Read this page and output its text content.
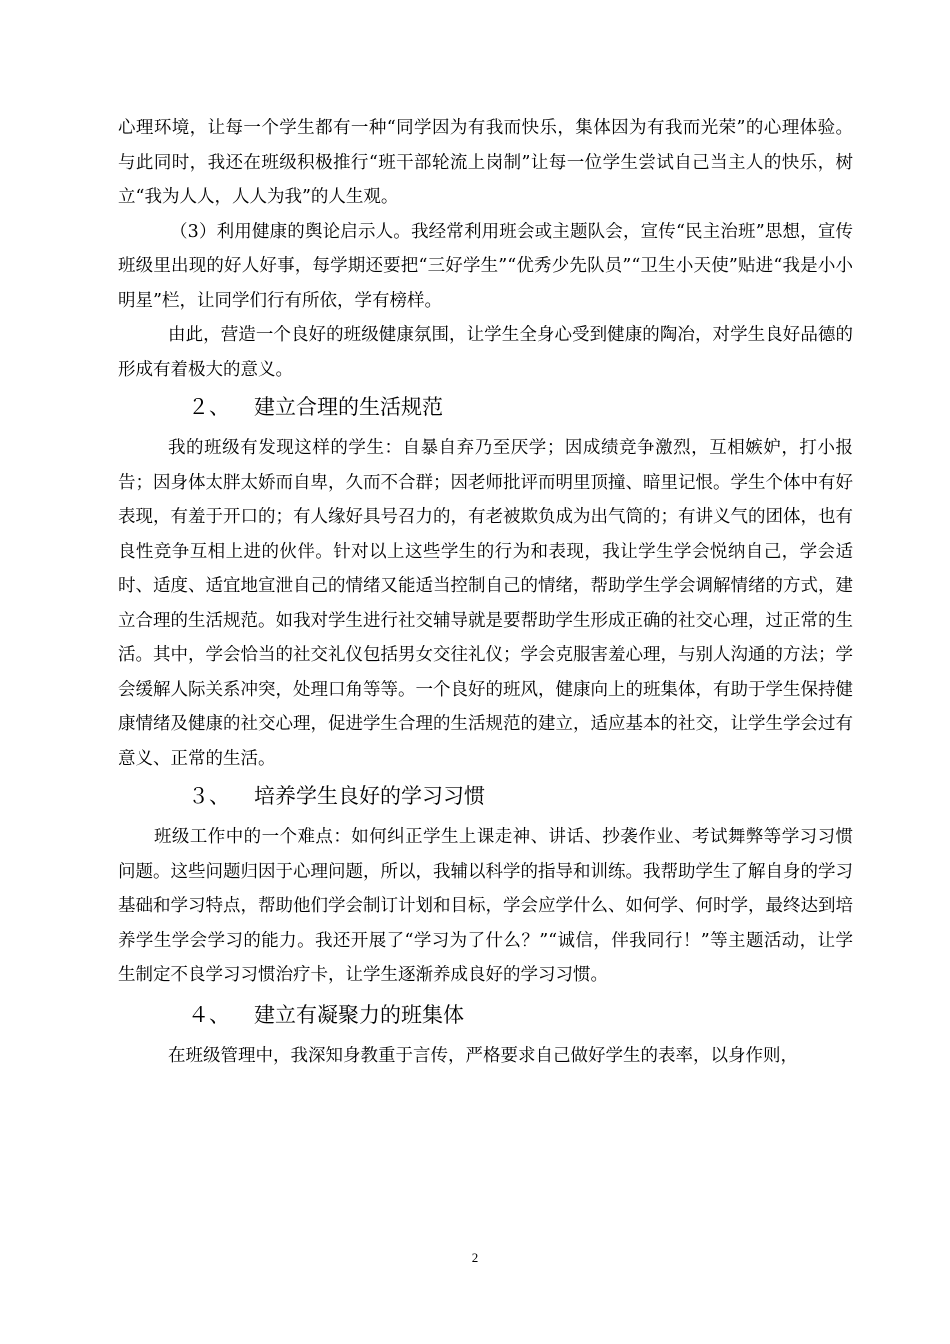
心理环境，让每一个学生都有一种“同学因为有我而快乐，集体因为有我而光荣”的心理体验。与此同时，我还在班级积极推行“班干部轮流上岗制”让每一位学生尝试自己当主人的快乐，树立“我为人人，人人为我”的人生观。

（3）利用健康的舆论启示人。我经常利用班会或主题队会，宣传“民主治班”思想，宣传班级里出现的好人好事，每学期还要把“三好学生”“优秀少先队员”“卫生小天使”贴进“我是小小明星”栏，让同学们行有所依，学有榜样。

由此，营造一个良好的班级健康氛围，让学生全身心受到健康的陶冶，对学生良好品德的形成有着极大的意义。

２、 建立合理的生活规范

我的班级有发现这样的学生：自暴自弃乃至厌学；因成绩竞争激烈，互相嫉妒，打小报告；因身体太胖太娇而自卑，久而不合群；因老师批评而明里顶撞、暗里记恨。学生个体中有好表现，有羞于开口的；有人缘好具号召力的，有老被欺负成为出气筒的；有讲义气的团体，也有良性竞争互相上进的伙伴。针对以上这些学生的行为和表现，我让学生学会悦纳自己，学会适时、适度、适宜地宣泄自己的情绪又能适当控制自己的情绪，帮助学生学会调解情绪的方式，建立合理的生活规范。如我对学生进行社交辅导就是要帮助学生形成正确的社交心理，过正常的生活。其中，学会恰当的社交礼仪包括男女交往礼仪；学会克服害羞心理，与别人沟通的方法；学会缓解人际关系冲突，处理口角等等。一个良好的班风，健康向上的班集体，有助于学生保持健康情绪及健康的社交心理，促进学生合理的生活规范的建立，适应基本的社交，让学生学会过有意义、正常的生活。

３、 培养学生良好的学习习惯

班级工作中的一个难点：如何纠正学生上课走神、讲话、抄袭作业、考试舞弊等学习习惯问题。这些问题归因于心理问题，所以，我辅以科学的指导和训练。我帮助学生了解自身的学习基础和学习特点，帮助他们学会制订计划和目标，学会应学什么、如何学、何时学，最终达到培养学生学会学习的能力。我还开展了“学习为了什么？”“诚信，伴我同行！”等主题活动，让学生制定不良学习习惯治疗卡，让学生逐渐养成良好的学习习惯。

４、 建立有凝聚力的班集体

在班级管理中，我深知身教重于言传，严格要求自己做好学生的表率，以身作则，

2
